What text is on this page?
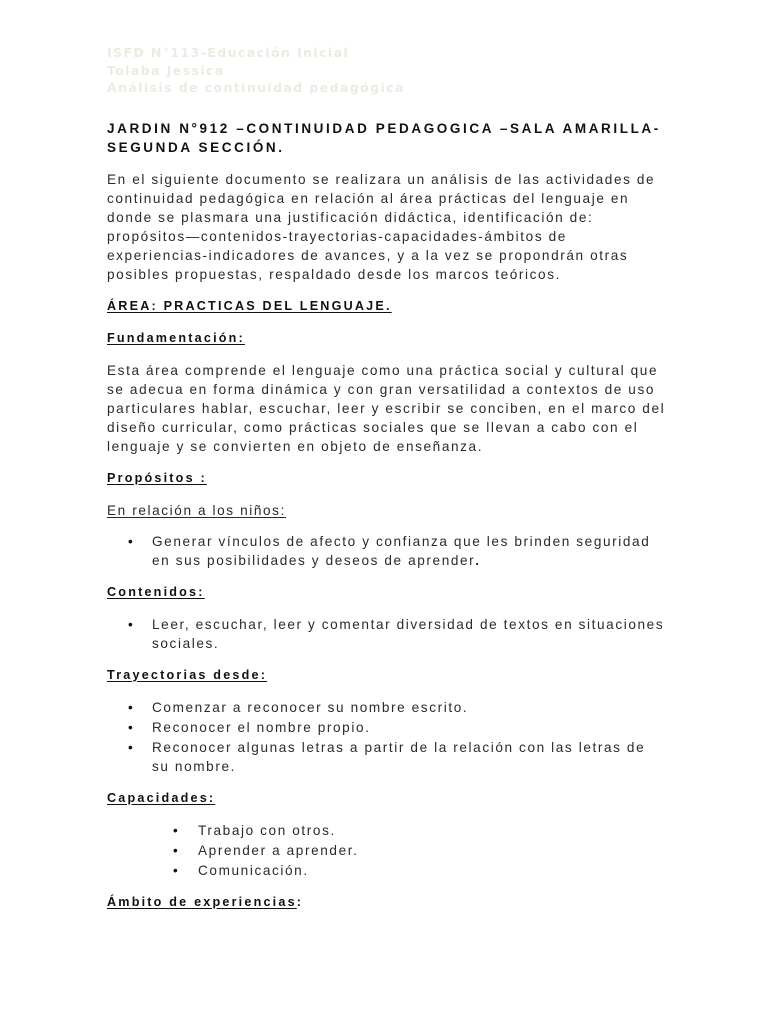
ISFD N°113-Educación Inicial
Tolaba Jessica
Análisis de continuidad pedagógica
JARDIN N°912 –CONTINUIDAD PEDAGOGICA –SALA AMARILLA-SEGUNDA SECCIÓN.
En el siguiente documento se realizara un análisis de las actividades de continuidad pedagógica en relación al área prácticas del lenguaje en donde se plasmara una justificación didáctica, identificación de: propósitos—contenidos-trayectorias-capacidades-ámbitos de experiencias-indicadores de avances, y a la vez se propondrán otras posibles propuestas, respaldado desde los marcos teóricos.
ÁREA: PRACTICAS DEL LENGUAJE.
Fundamentación:
Esta área comprende el lenguaje como una práctica social y cultural que se adecua en forma dinámica y con gran versatilidad a contextos de uso particulares hablar, escuchar, leer y escribir se conciben, en el marco del diseño curricular, como prácticas sociales que se llevan a cabo con el lenguaje y se convierten en objeto de enseñanza.
Propósitos :
En relación a los niños:
• Generar vínculos de afecto y confianza que les brinden seguridad en sus posibilidades y deseos de aprender.
Contenidos:
• Leer, escuchar, leer y comentar diversidad de textos en situaciones sociales.
Trayectorias desde:
• Comenzar a reconocer su nombre escrito.
• Reconocer el nombre propio.
• Reconocer algunas letras a partir de la relación con las letras de su nombre.
Capacidades:
• Trabajo con otros.
• Aprender a aprender.
• Comunicación.
Ámbito de experiencias:
